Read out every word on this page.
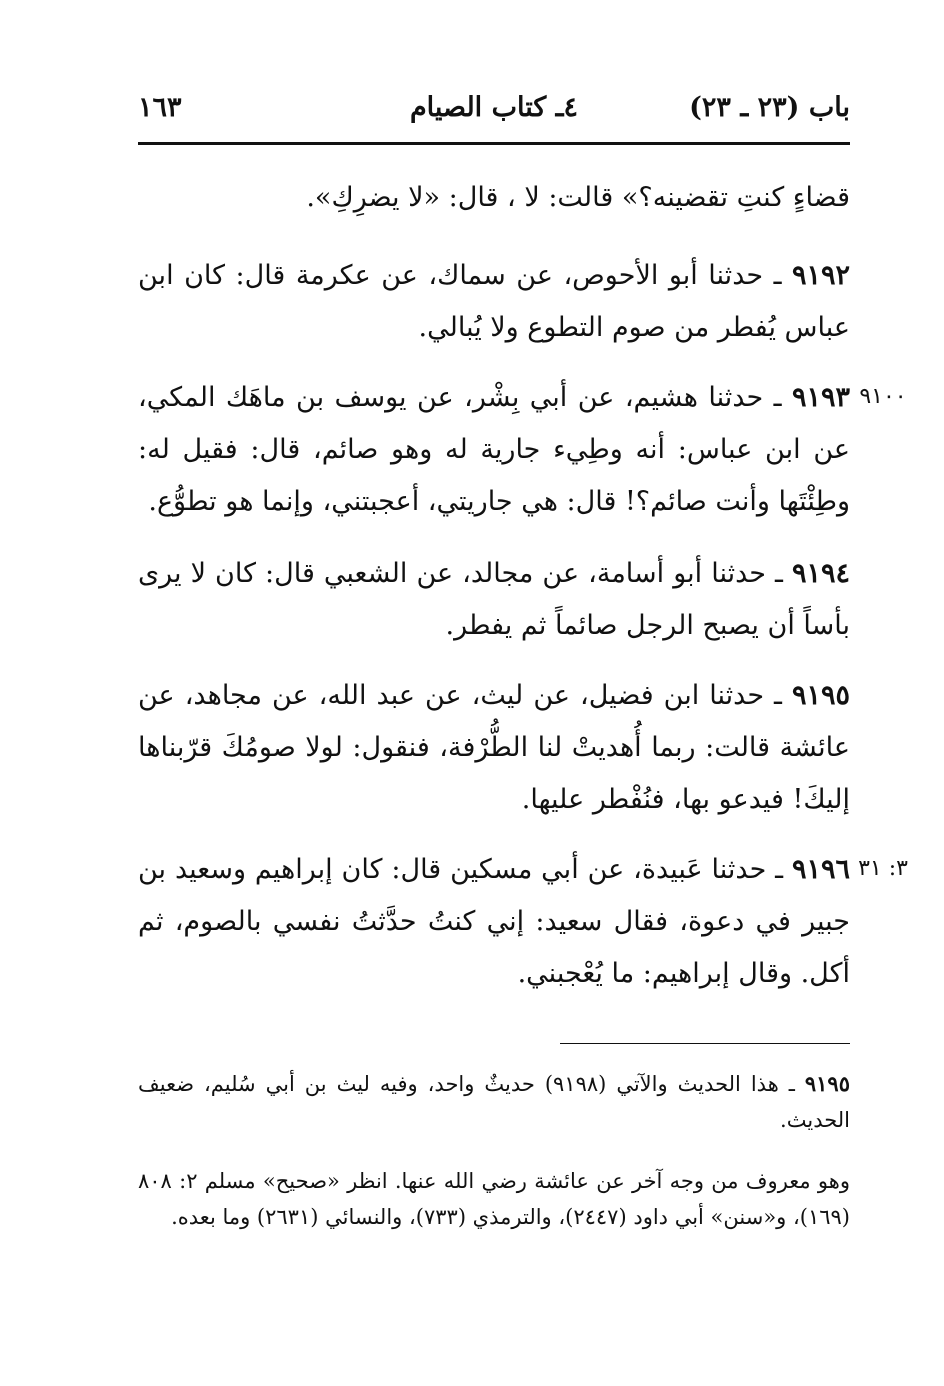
باب (٢٣ ـ ٢٣)
٤ـ كتاب الصيام
١٦٣
قضاءٍ كنتِ تقضينه؟» قالت: لا ، قال: «لا يضرِكِ».
٩١٩٢ ـ حدثنا أبو الأحوص، عن سماك، عن عكرمة قال: كان ابن عباس يُفطر من صوم التطوع ولا يُبالي.
٩١٠٠
٩١٩٣ ـ حدثنا هشيم، عن أبي بِشْر، عن يوسف بن ماهَك المكي، عن ابن عباس: أنه وطِيء جارية له وهو صائم، قال: فقيل له: وطِئْتَها وأنت صائم؟! قال: هي جاريتي، أعجبتني، وإنما هو تطوُّع.
٩١٩٤ ـ حدثنا أبو أسامة، عن مجالد، عن الشعبي قال: كان لا يرى بأساً أن يصبح الرجل صائماً ثم يفطر.
٩١٩٥ ـ حدثنا ابن فضيل، عن ليث، عن عبد الله، عن مجاهد، عن عائشة قالت: ربما أُهديتْ لنا الطُّرْفة، فنقول: لولا صومُكَ قرّبناها إليكَ! فيدعو بها، فنُفْطر عليها.
٣: ٣١
٩١٩٦ ـ حدثنا عَبيدة، عن أبي مسكين قال: كان إبراهيم وسعيد بن جبير في دعوة، فقال سعيد: إني كنتُ حدَّثتُ نفسي بالصوم، ثم أكل. وقال إبراهيم: ما يُعْجبني.
٩١٩٥ ـ هذا الحديث والآتي (٩١٩٨) حديثٌ واحد، وفيه ليث بن أبي سُليم، ضعيف الحديث.
وهو معروف من وجه آخر عن عائشة رضي الله عنها. انظر «صحيح» مسلم ٢: ٨٠٨ (١٦٩)، و«سنن» أبي داود (٢٤٤٧)، والترمذي (٧٣٣)، والنسائي (٢٦٣١) وما بعده.
